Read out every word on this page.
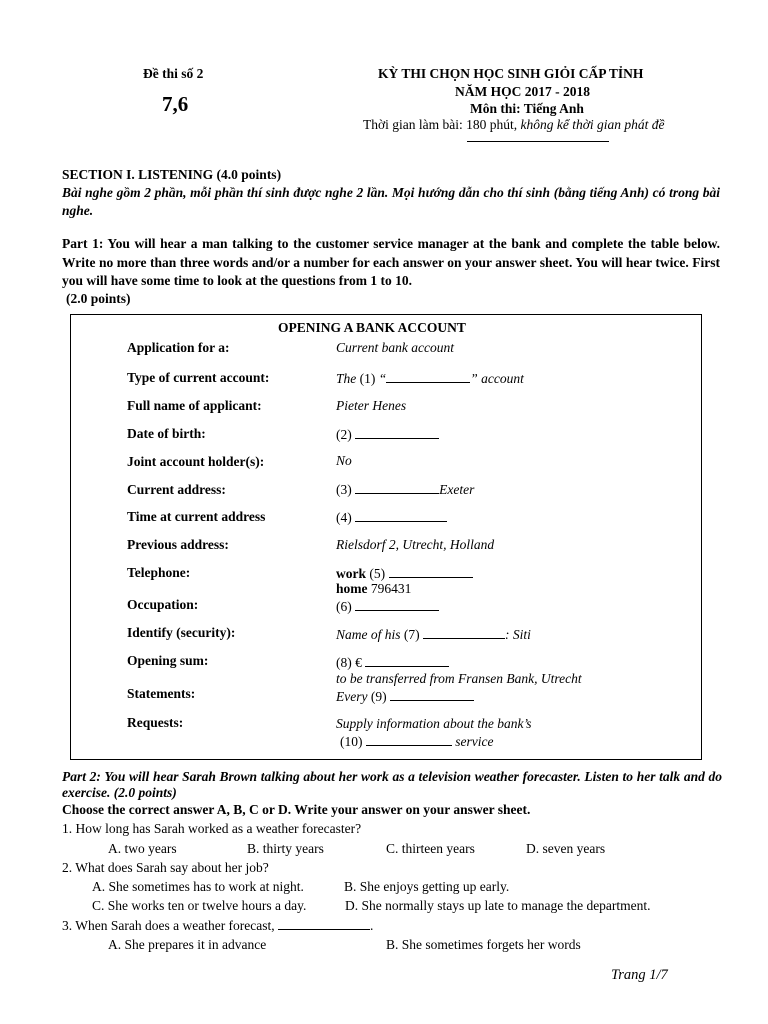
Đề thi số 2
7,6
KỲ THI CHỌN HỌC SINH GIỎI CẤP TỈNH
NĂM HỌC 2017 - 2018
Môn thi: Tiếng Anh
Thời gian làm bài: 180 phút, không kể thời gian phát đề
SECTION I. LISTENING (4.0 points)
Bài nghe gồm 2 phần, mỗi phần thí sinh được nghe 2 lần. Mọi hướng dẫn cho thí sinh (bằng tiếng Anh) có trong bài nghe.
Part 1: You will hear a man talking to the customer service manager at the bank and complete the table below. Write no more than three words and/or a number for each answer on your answer sheet. You will hear twice. First you will have some time to look at the questions from 1 to 10.
(2.0 points)
OPENING A BANK ACCOUNT
Application for a:	Current bank account
Type of current account:	The (1) “	” account
Full name of applicant:	Pieter Henes
Date of birth:	(2)
Joint account holder(s):	No
Current address:	(3)	Exeter
Time at current address	(4)
Previous address:	Rielsdorf 2, Utrecht, Holland
Telephone:	work (5)
home 796431
Occupation:	(6)
Identify (security):	Name of his (7)	: Siti
Opening sum:	(8) €
to be transferred from Fransen Bank, Utrecht
Statements:	Every (9)
Requests:	Supply information about the bank’s
(10)	service
Part 2: You will hear Sarah Brown talking about her work as a television weather forecaster. Listen to her talk and do exercise. (2.0 points)
Choose the correct answer A, B, C or D. Write your answer on your answer sheet.
1. How long has Sarah worked as a weather forecaster?
A. two years	B. thirty years	C. thirteen years	D. seven years
2. What does Sarah say about her job?
A. She sometimes has to work at night.	B. She enjoys getting up early.
C. She works ten or twelve hours a day.	D. She normally stays up late to manage the department.
3. When Sarah does a weather forecast,	.
A. She prepares it in advance	B. She sometimes forgets her words
Trang 1/7
